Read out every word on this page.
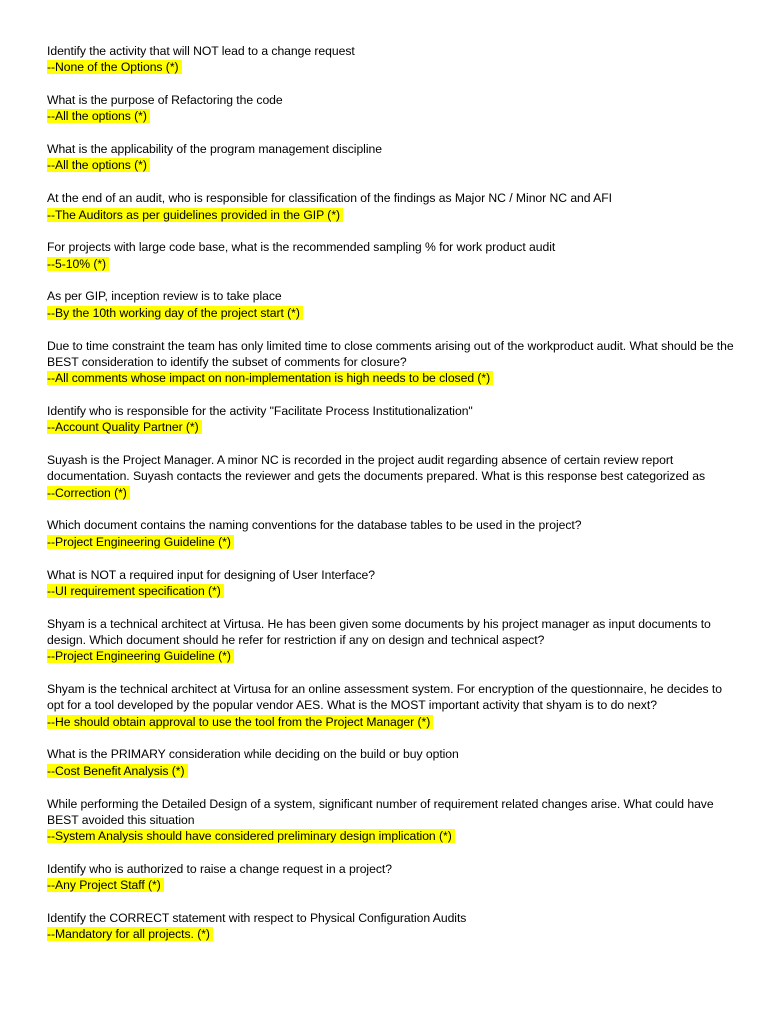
Identify the activity that will NOT lead to a change request

--None of the Options (*)

What is the purpose of Refactoring the code

--All the options (*)

What is the applicability of the program management discipline

--All the options (*)

At the end of an audit, who is responsible for classification of the findings as Major NC / Minor NC and AFI

--The Auditors as per guidelines provided in the GIP (*)

For projects with large code base, what is the recommended sampling % for work product audit

--5-10% (*)

As per GIP, inception review is to take place

--By the 10th working day of the project start (*)

Due to time constraint the team has only limited time to close comments arising out of the workproduct audit. What should be the BEST consideration to identify the subset of comments for closure?

--All comments whose impact on non-implementation is high needs to be closed (*)

Identify who is responsible for the activity "Facilitate Process Institutionalization"

--Account Quality Partner (*)

Suyash is the Project Manager. A minor NC is recorded in the project audit regarding absence of certain review report documentation. Suyash contacts the reviewer and gets the documents prepared. What is this response best categorized as

--Correction (*)

Which document contains the naming conventions for the database tables to be used in the project?

--Project Engineering Guideline (*)

What is NOT a required input for designing of User Interface?

--UI requirement specification (*)

Shyam is a technical architect at Virtusa. He has been given some documents by his project manager as input documents to design. Which document should he refer for restriction if any on design and technical aspect?

--Project Engineering Guideline (*)

Shyam is the technical architect at Virtusa for an online assessment system. For encryption of the questionnaire, he decides to opt for a tool developed by the popular vendor AES. What is the MOST important activity that shyam is to do next?

--He should obtain approval to use the tool from the Project Manager (*)

What is the PRIMARY consideration while deciding on the build or buy option

--Cost Benefit Analysis (*)

While performing the Detailed Design of a system, significant number of requirement related changes arise. What could have BEST avoided this situation

--System Analysis should have considered preliminary design implication (*)

Identify who is authorized to raise a change request in a project?

--Any Project Staff (*)

Identify the CORRECT statement with respect to Physical Configuration Audits

--Mandatory for all projects. (*)
